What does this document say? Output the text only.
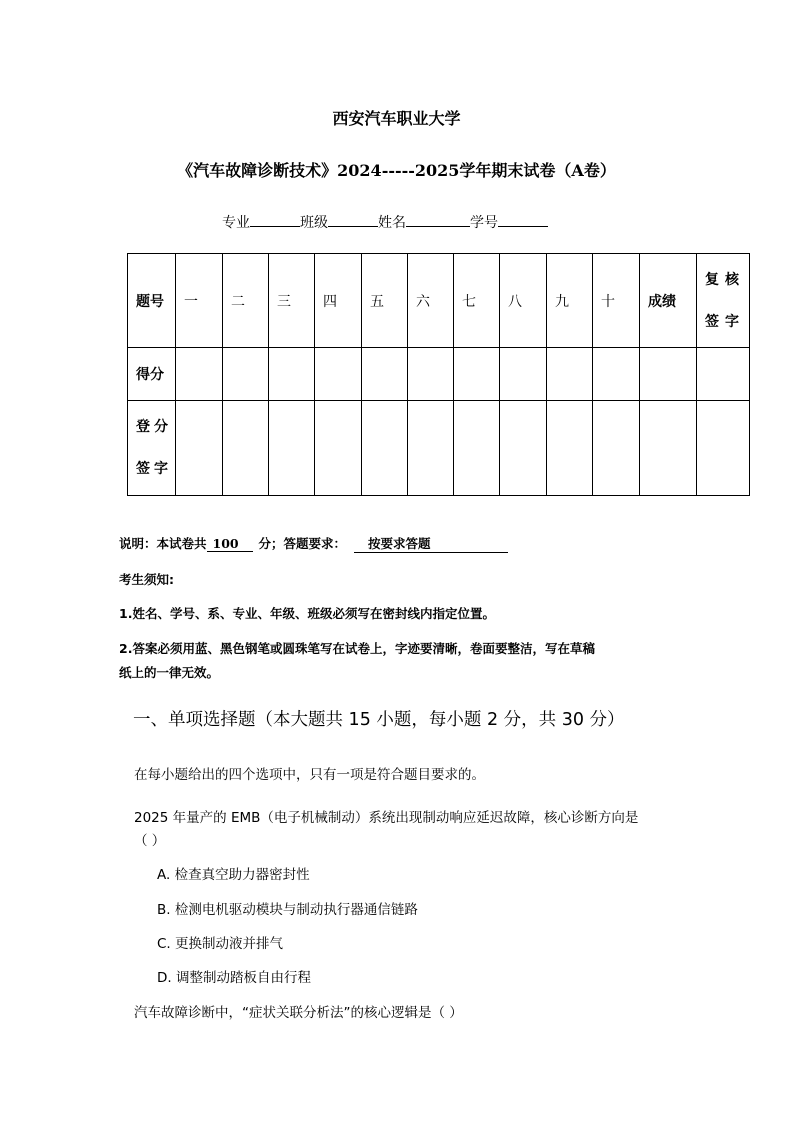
西安汽车职业大学
《汽车故障诊断技术》2024-----2025学年期末试卷（A卷）
专业	班级	姓名	学号
题号	一	二	三	四	五	六	七	八	九	十	成绩	复核签字
得分												
登分签字												
说明：本试卷共 100 分；答题要求： 按要求答题
考生须知:
1.姓名、学号、系、专业、年级、班级必须写在密封线内指定位置。
2.答案必须用蓝、黑色钢笔或圆珠笔写在试卷上，字迹要清晰，卷面要整洁，写在草稿
纸上的一律无效。
一、单项选择题（本大题共 15 小题，每小题 2 分，共 30 分）
在每小题给出的四个选项中，只有一项是符合题目要求的。
2025 年量产的 EMB（电子机械制动）系统出现制动响应延迟故障，核心诊断方向是
（ ）
A. 检查真空助力器密封性
B. 检测电机驱动模块与制动执行器通信链路
C. 更换制动液并排气
D. 调整制动踏板自由行程
汽车故障诊断中，“症状关联分析法”的核心逻辑是（ ）
